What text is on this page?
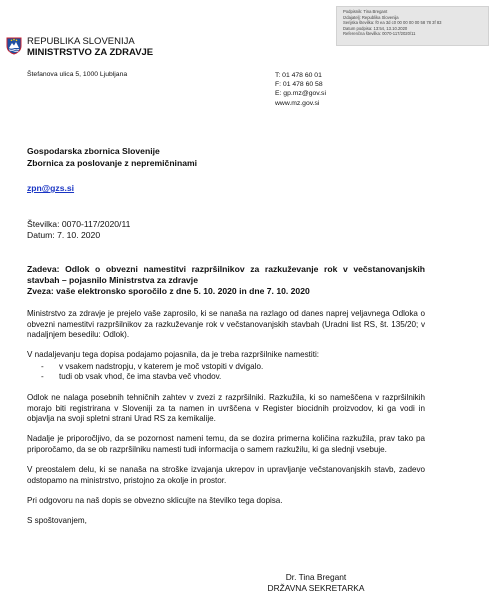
Podpisnik: Tina Bregant
Izdajatelj: Republika Slovenija
Serijska številka: f0 ea 3d c0 00 00 00 00 58 78 3f 83
Datum podpisa: 13:54, 13.10.2020
Referenčna številka: 0070-117/2020/11
REPUBLIKA SLOVENIJA
MINISTRSTVO ZA ZDRAVJE
Štefanova ulica 5, 1000 Ljubljana	T: 01 478 60 01
F: 01 478 60 58
E: gp.mz@gov.si
www.mz.gov.si
Gospodarska zbornica Slovenije
Zbornica za poslovanje z nepremičninami
zpn@gzs.si
Številka: 0070-117/2020/11
Datum: 7. 10. 2020
Zadeva: Odlok o obvezni namestitvi razpršilnikov za razkuževanje rok v večstanovanjskih stavbah – pojasnilo Ministrstva za zdravje
Zveza: vaše elektronsko sporočilo z dne 5. 10. 2020 in dne 7. 10. 2020

Ministrstvo za zdravje je prejelo vaše zaprosilo, ki se nanaša na razlago od danes naprej veljavnega Odloka o obvezni namestitvi razpršilnikov za razkuževanje rok v večstanovanjskih stavbah (Uradni list RS, št. 135/20; v nadaljnjem besedilu: Odlok).

V nadaljevanju tega dopisa podajamo pojasnila, da je treba razpršilnike namestiti:

- v vsakem nadstropju, v katerem je moč vstopiti v dvigalo.
- tudi ob vsak vhod, če ima stavba več vhodov.

Odlok ne nalaga posebnih tehničnih zahtev v zvezi z razpršilniki. Razkužila, ki so nameščena v razpršilnikih morajo biti registrirana v Sloveniji za ta namen in uvrščena v Register biocidnih proizvodov, ki ga vodi in objavlja na svoji spletni strani Urad RS za kemikalije.

Nadalje je priporočljivo, da se pozornost nameni temu, da se dozira primerna količina razkužila, prav tako pa priporočamo, da se ob razpršilniku namesti tudi informacija o samem razkužilu, ki ga slednji vsebuje.

V preostalem delu, ki se nanaša na stroške izvajanja ukrepov in upravljanje večstanovanjskih stavb, zadevo odstopamo na ministrstvo, pristojno za okolje in prostor.

Pri odgovoru na naš dopis se obvezno sklicujte na številko tega dopisa.

S spoštovanjem,

Dr. Tina Bregant
DRŽAVNA SEKRETARKA
